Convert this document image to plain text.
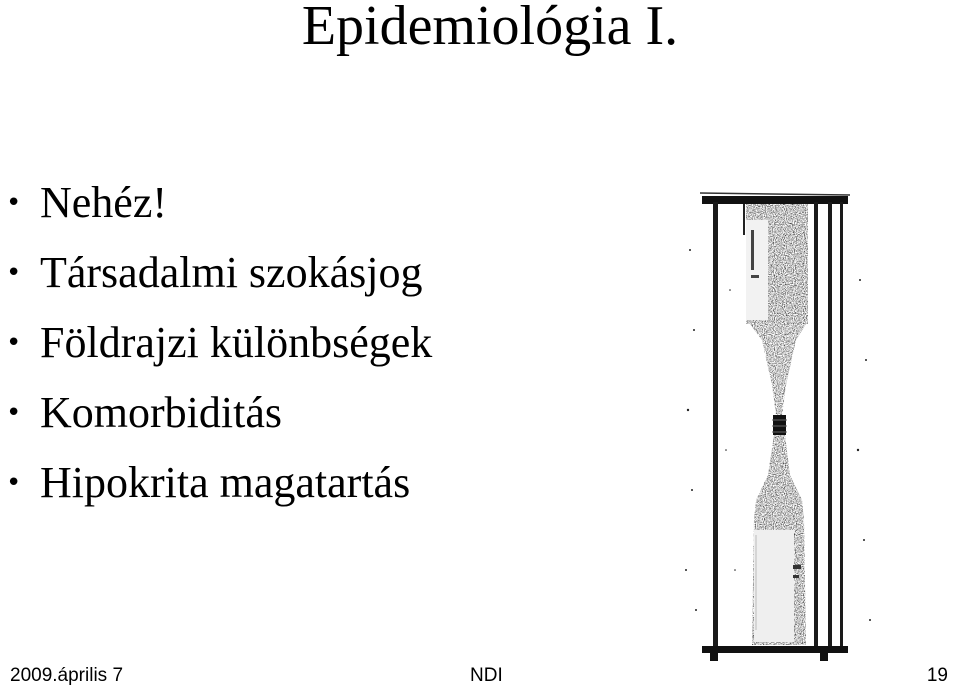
Epidemiológia I.
• Nehéz!
• Társadalmi szokásjog
• Földrajzi különbségek
• Komorbiditás
• Hipokrita magatartás
2009.április 7	NDI	19
